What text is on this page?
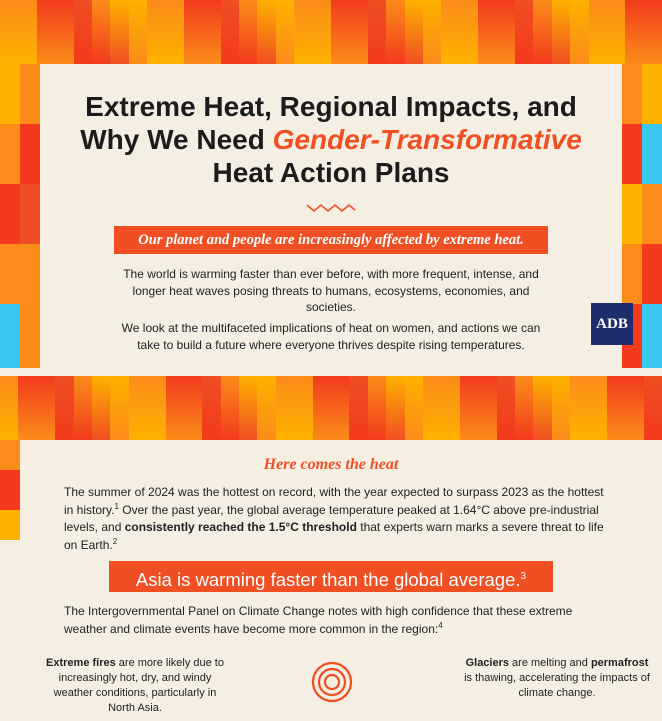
Extreme Heat, Regional Impacts, and
Why We Need Gender-Transformative
Heat Action Plans
Our planet and people are increasingly affected by extreme heat.

The world is warming faster than ever before, with more frequent, intense, and longer heat waves posing threats to humans, ecosystems, economies, and societies.

We look at the multifaceted implications of heat on women, and actions we can take to build a future where everyone thrives despite rising temperatures.

ADB
Here comes the heat

The summer of 2024 was the hottest on record, with the year expected to surpass 2023 as the hottest in history.$^1$ Over the past year, the global average temperature peaked at 1.64°C above pre-industrial levels, and consistently reached the 1.5°C threshold that experts warn marks a severe threat to life on Earth.$^2$

Asia is warming faster than the global average.$^3$

The Intergovernmental Panel on Climate Change notes with high confidence that these extreme weather and climate events have become more common in the region:$^4$

Extreme fires are more likely due to increasingly hot, dry, and windy weather conditions, particularly in North Asia.

Glaciers are melting and permafrost is thawing, accelerating the impacts of climate change.
